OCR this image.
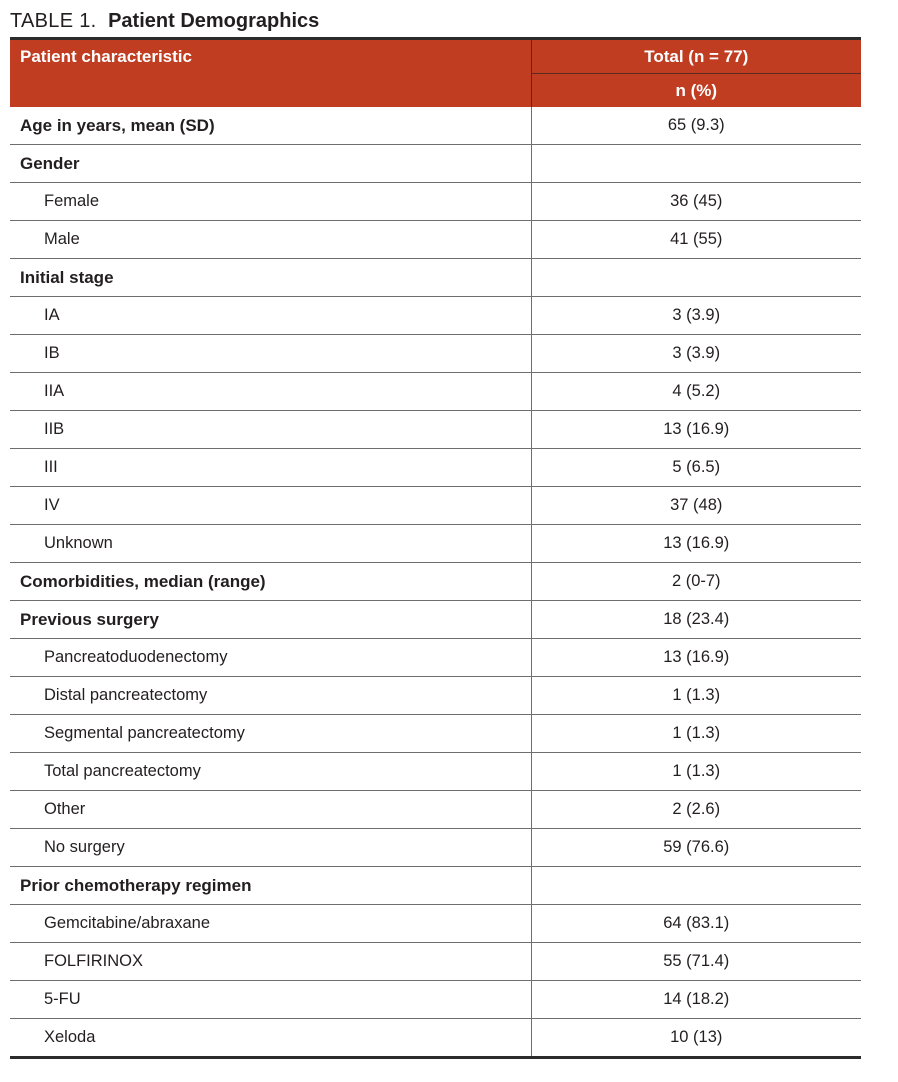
TABLE 1. Patient Demographics
Patient characteristic	Total (n = 77)
	n (%)
Age in years, mean (SD)	65 (9.3)
Gender	
Female	36 (45)
Male	41 (55)
Initial stage	
IA	3 (3.9)
IB	3 (3.9)
IIA	4 (5.2)
IIB	13 (16.9)
III	5 (6.5)
IV	37 (48)
Unknown	13 (16.9)
Comorbidities, median (range)	2 (0-7)
Previous surgery	18 (23.4)
Pancreatoduodenectomy	13 (16.9)
Distal pancreatectomy	1 (1.3)
Segmental pancreatectomy	1 (1.3)
Total pancreatectomy	1 (1.3)
Other	2 (2.6)
No surgery	59 (76.6)
Prior chemotherapy regimen	
Gemcitabine/abraxane	64 (83.1)
FOLFIRINOX	55 (71.4)
5-FU	14 (18.2)
Xeloda	10 (13)
